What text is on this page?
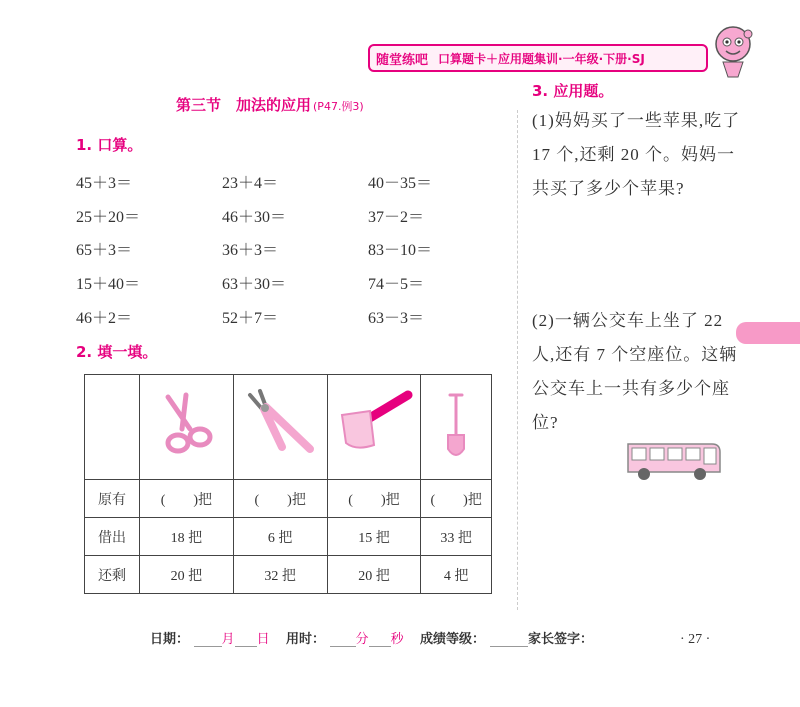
随堂练吧 口算题卡＋应用题集训·一年级·下册·SJ
第三节　加法的应用 (P47.例3)
1. 口算。
45＋3＝	23＋4＝	40－35＝
25＋20＝	46＋30＝	37－2＝
65＋3＝	36＋3＝	83－10＝
15＋40＝	63＋30＝	74－5＝
46＋2＝	52＋7＝	63－3＝
2. 填一填。

原有	(　　)把	(　　)把	(　　)把	(　　)把
借出	18 把	6 把	15 把	33 把
还剩	20 把	32 把	20 把	4 把
3. 应用题。
(1)妈妈买了一些苹果,吃了 17 个,还剩 20 个。妈妈一共买了多少个苹果?
(2)一辆公交车上坐了 22 人,还有 7 个空座位。这辆公交车上一共有多少个座位?
日期：	月 日 用时： 分 秒 成绩等级：	家长签字：	· 27 ·
